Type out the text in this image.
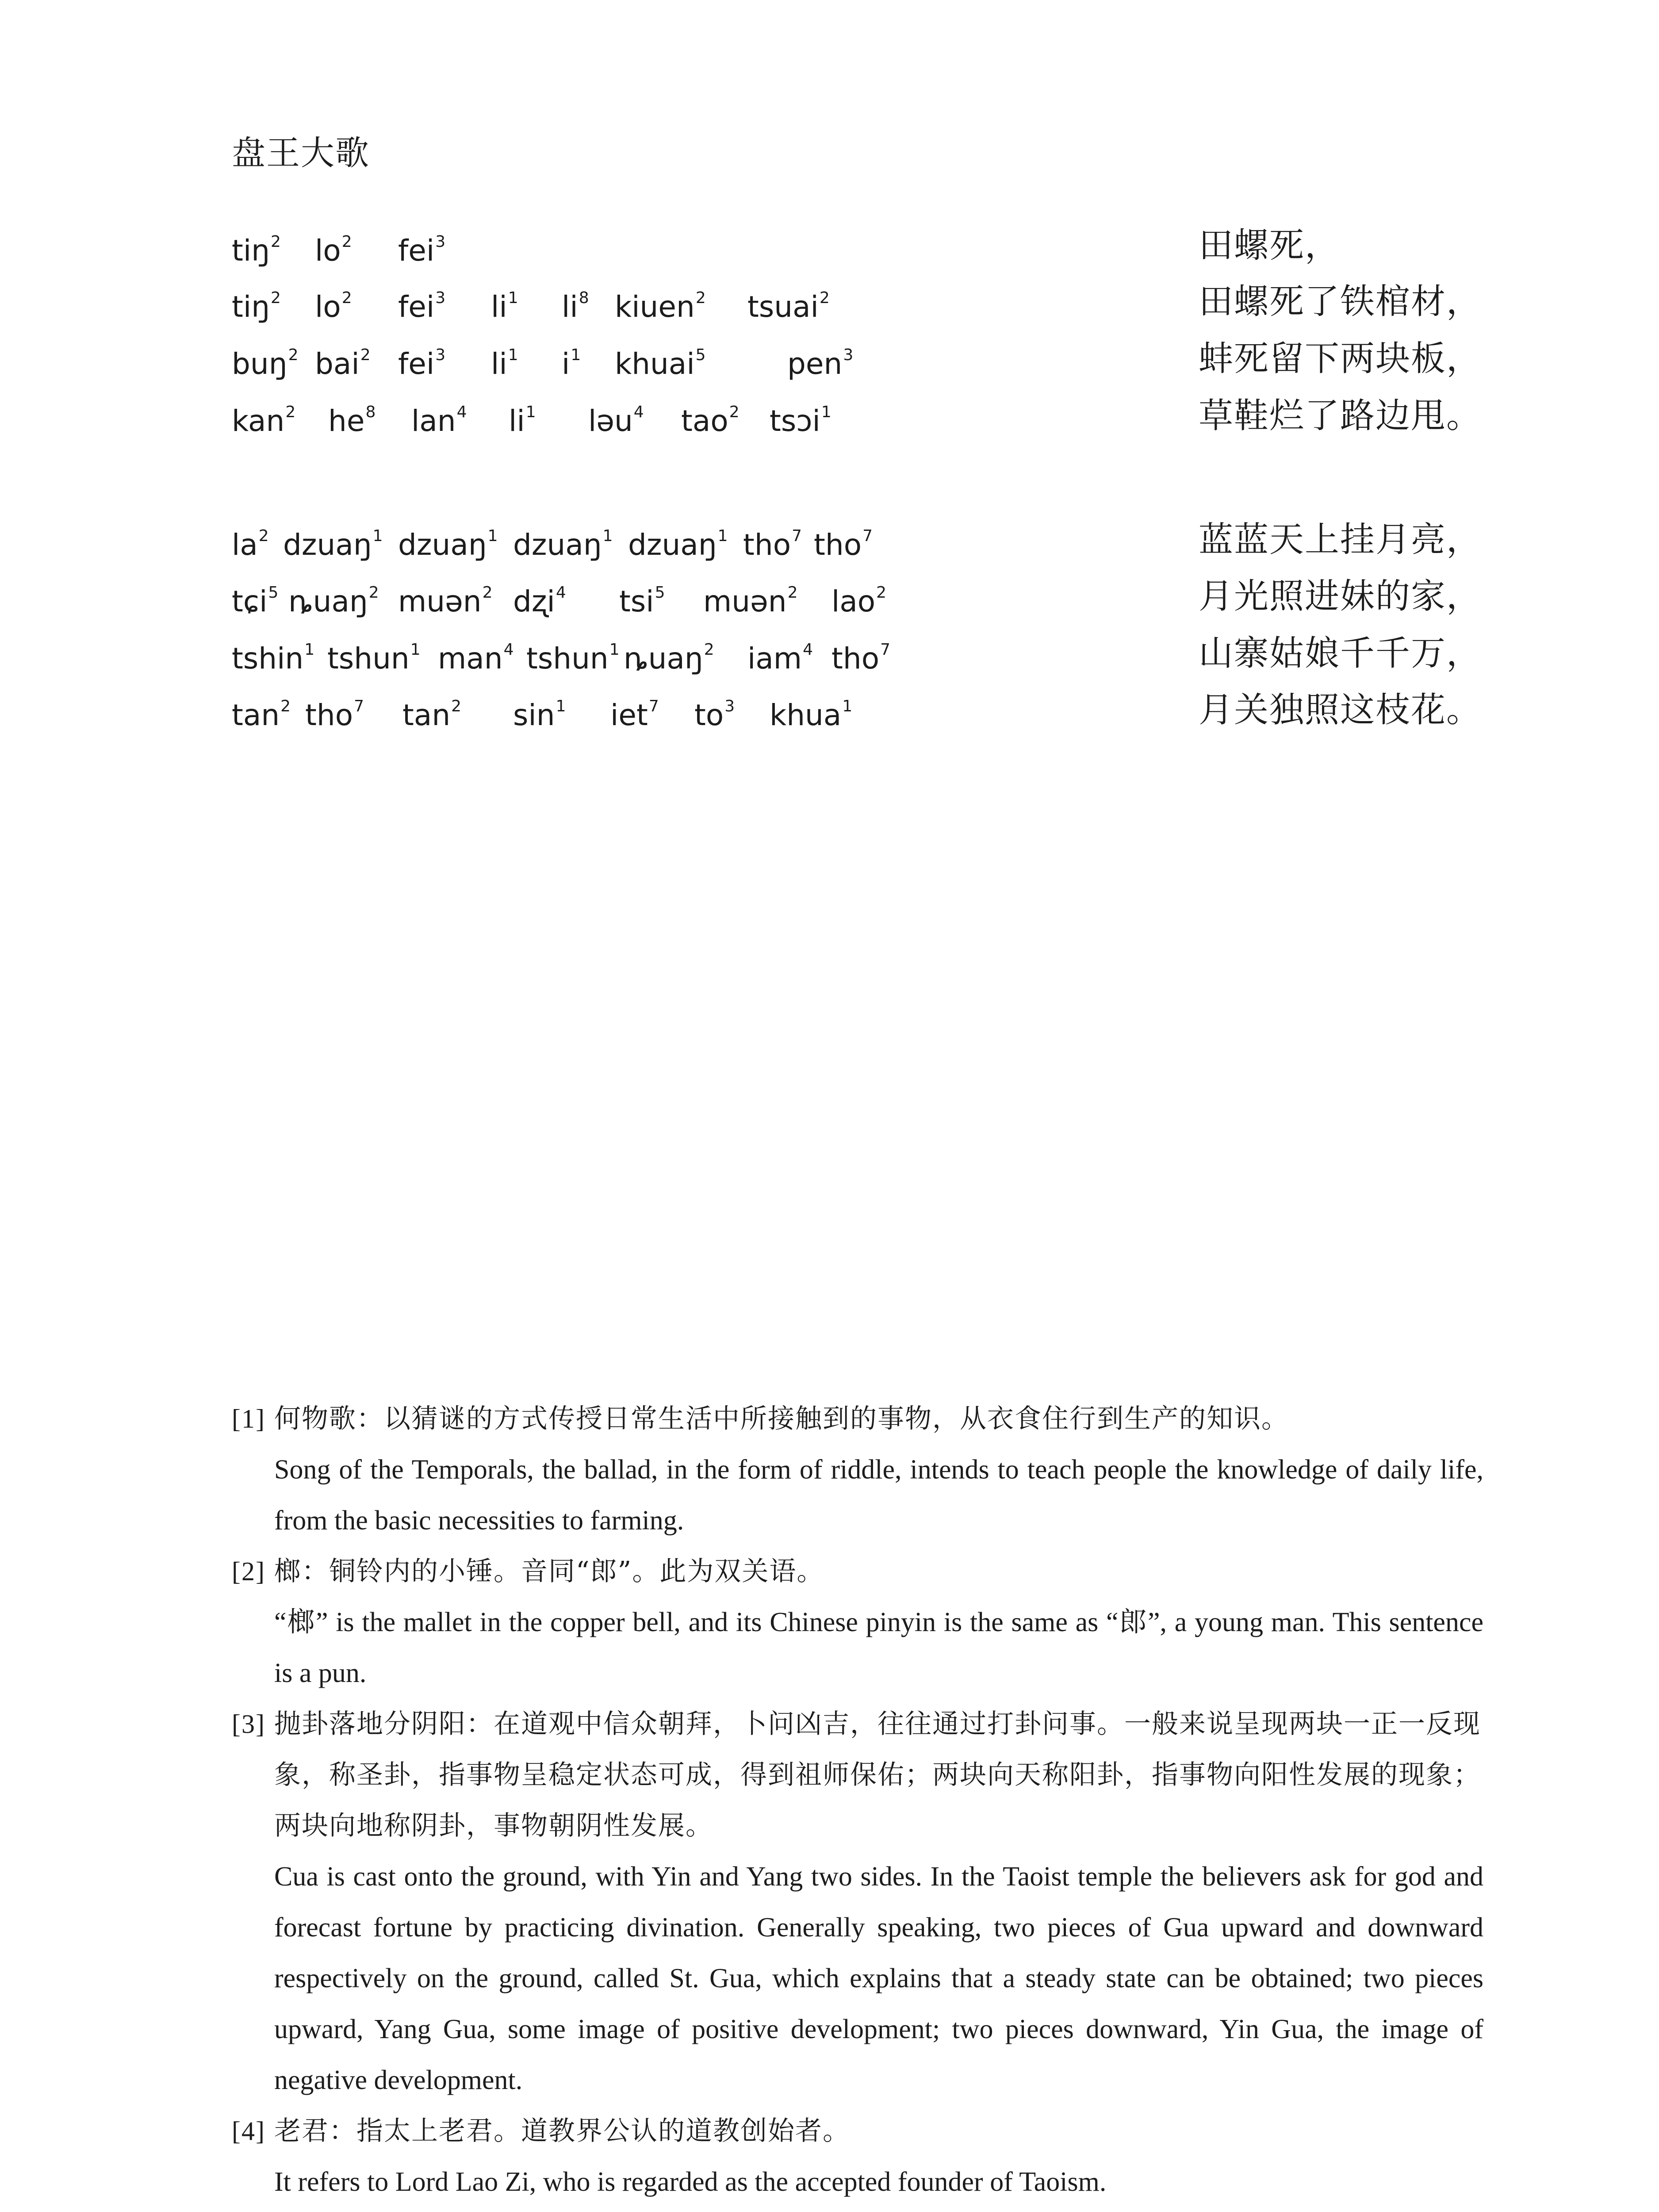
盘王大歌
tiŋ$^2$ $lo^2$ fei$^3$	田螺死，
tiŋ$^2$ $lo^2$ fei$^3$ $li^1$ $li^8$ kiuen$^2$ tsuai$^2$	田螺死了铁棺材，
buŋ$^2$ bai$^2$ fei$^3$ $li^1$ $i^1$ khuai$^5$	pen$^3$	蚌死留下两块板，
kan$^2$ $he^8$ lan$^4$ $li^1$ ləu$^4$ tao$^2$ tsɔi$^1$	草鞋烂了路边甩。
$la^2$ dzuaŋ$^1$ dzuaŋ$^1$ dzuaŋ$^1$ dzuaŋ$^1$ tho$^7$ tho$^7$	蓝蓝天上挂月亮，
tɕi$^5$ ȵuaŋ$^2$ muən$^2$ dʐi$^4$ tsi$^5$ muən$^2$ lao$^2$	月光照进妹的家，
tshin$^1$ tshun$^1$ man$^4$ tshun$^1$ ȵuaŋ$^2$ iam$^4$ tho$^7$	山寨姑娘千千万，
$\tan^2 tho^7$ $\tan^2 \sin^1 iet^7$ $to^3$ khua$^1$	月关独照这枝花。
[1] 何物歌：以猜谜的方式传授日常生活中所接触到的事物，从衣食住行到生产的知识。
Song of the Temporals, the ballad, in the form of riddle, intends to teach people the knowledge of daily life, from the basic necessities to farming.
[2] 榔：铜铃内的小锤。音同“郎”。此为双关语。
“榔” is the mallet in the copper bell, and its Chinese pinyin is the same as “郎”, a young man. This sentence is a pun.
[3] 抛卦落地分阴阳：在道观中信众朝拜，卜问凶吉，往往通过打卦问事。一般来说呈现两块一正一反现象，称圣卦，指事物呈稳定状态可成，得到祖师保佑；两块向天称阳卦，指事物向阳性发展的现象；两块向地称阴卦，事物朝阴性发展。
Cua is cast onto the ground, with Yin and Yang two sides. In the Taoist temple the believers ask for god and forecast fortune by practicing divination. Generally speaking, two pieces of Gua upward and downward respectively on the ground, called St. Gua, which explains that a steady state can be obtained; two pieces upward, Yang Gua, some image of positive development; two pieces downward, Yin Gua, the image of negative development.
[4] 老君：指太上老君。道教界公认的道教创始者。
It refers to Lord Lao Zi, who is regarded as the accepted founder of Taoism.
